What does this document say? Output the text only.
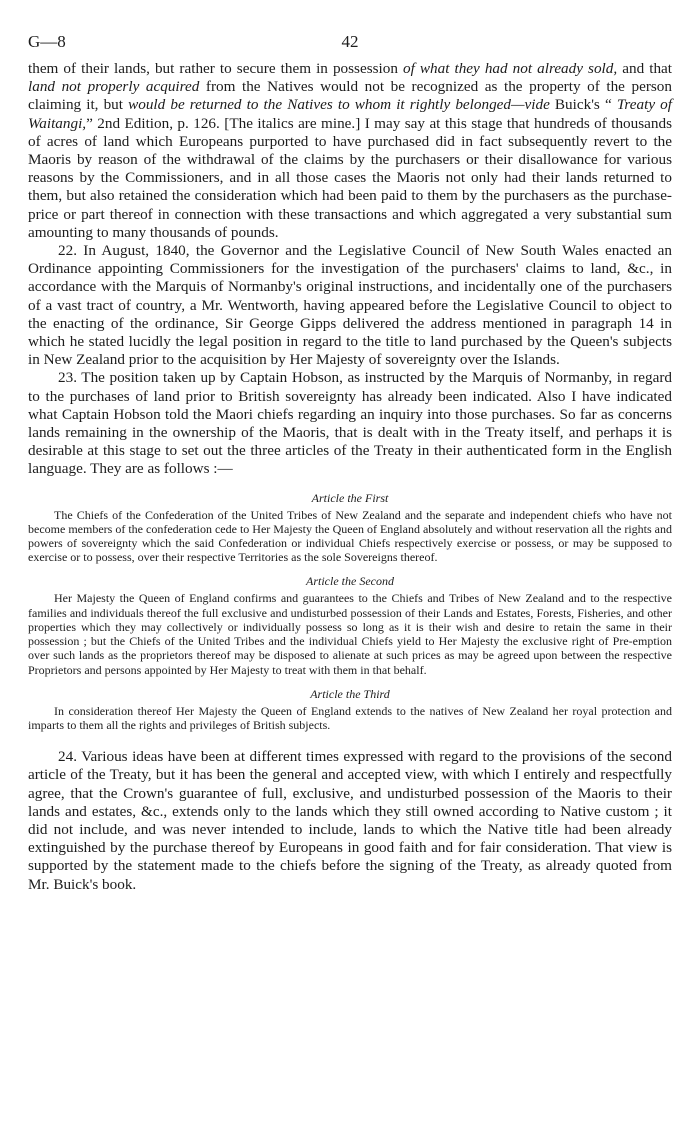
G—8	42

them of their lands, but rather to secure them in possession of what they had not already sold, and that land not properly acquired from the Natives would not be recognized as the property of the person claiming it, but would be returned to the Natives to whom it rightly belonged—vide Buick's “ Treaty of Waitangi,” 2nd Edition, p. 126. [The italics are mine.] I may say at this stage that hundreds of thousands of acres of land which Europeans purported to have purchased did in fact subsequently revert to the Maoris by reason of the withdrawal of the claims by the purchasers or their disallowance for various reasons by the Commissioners, and in all those cases the Maoris not only had their lands returned to them, but also retained the consideration which had been paid to them by the purchasers as the purchase-price or part thereof in connection with these transactions and which aggregated a very substantial sum amounting to many thousands of pounds.

22. In August, 1840, the Governor and the Legislative Council of New South Wales enacted an Ordinance appointing Commissioners for the investigation of the purchasers' claims to land, &c., in accordance with the Marquis of Normanby's original instructions, and incidentally one of the purchasers of a vast tract of country, a Mr. Wentworth, having appeared before the Legislative Council to object to the enacting of the ordinance, Sir George Gipps delivered the address mentioned in paragraph 14 in which he stated lucidly the legal position in regard to the title to land purchased by the Queen's subjects in New Zealand prior to the acquisition by Her Majesty of sovereignty over the Islands.

23. The position taken up by Captain Hobson, as instructed by the Marquis of Normanby, in regard to the purchases of land prior to British sovereignty has already been indicated. Also I have indicated what Captain Hobson told the Maori chiefs regarding an inquiry into those purchases. So far as concerns lands remaining in the ownership of the Maoris, that is dealt with in the Treaty itself, and perhaps it is desirable at this stage to set out the three articles of the Treaty in their authenticated form in the English language. They are as follows :—

Article the First

The Chiefs of the Confederation of the United Tribes of New Zealand and the separate and independent chiefs who have not become members of the confederation cede to Her Majesty the Queen of England absolutely and without reservation all the rights and powers of sovereignty which the said Confederation or individual Chiefs respectively exercise or possess, or may be supposed to exercise or to possess, over their respective Territories as the sole Sovereigns thereof.

Article the Second

Her Majesty the Queen of England confirms and guarantees to the Chiefs and Tribes of New Zealand and to the respective families and individuals thereof the full exclusive and undisturbed possession of their Lands and Estates, Forests, Fisheries, and other properties which they may collectively or individually possess so long as it is their wish and desire to retain the same in their possession ; but the Chiefs of the United Tribes and the individual Chiefs yield to Her Majesty the exclusive right of Pre-emption over such lands as the proprietors thereof may be disposed to alienate at such prices as may be agreed upon between the respective Proprietors and persons appointed by Her Majesty to treat with them in that behalf.

Article the Third

In consideration thereof Her Majesty the Queen of England extends to the natives of New Zealand her royal protection and imparts to them all the rights and privileges of British subjects.

24. Various ideas have been at different times expressed with regard to the provisions of the second article of the Treaty, but it has been the general and accepted view, with which I entirely and respectfully agree, that the Crown's guarantee of full, exclusive, and undisturbed possession of the Maoris to their lands and estates, &c., extends only to the lands which they still owned according to Native custom ; it did not include, and was never intended to include, lands to which the Native title had been already extinguished by the purchase thereof by Europeans in good faith and for fair consideration. That view is supported by the statement made to the chiefs before the signing of the Treaty, as already quoted from Mr. Buick's book.
